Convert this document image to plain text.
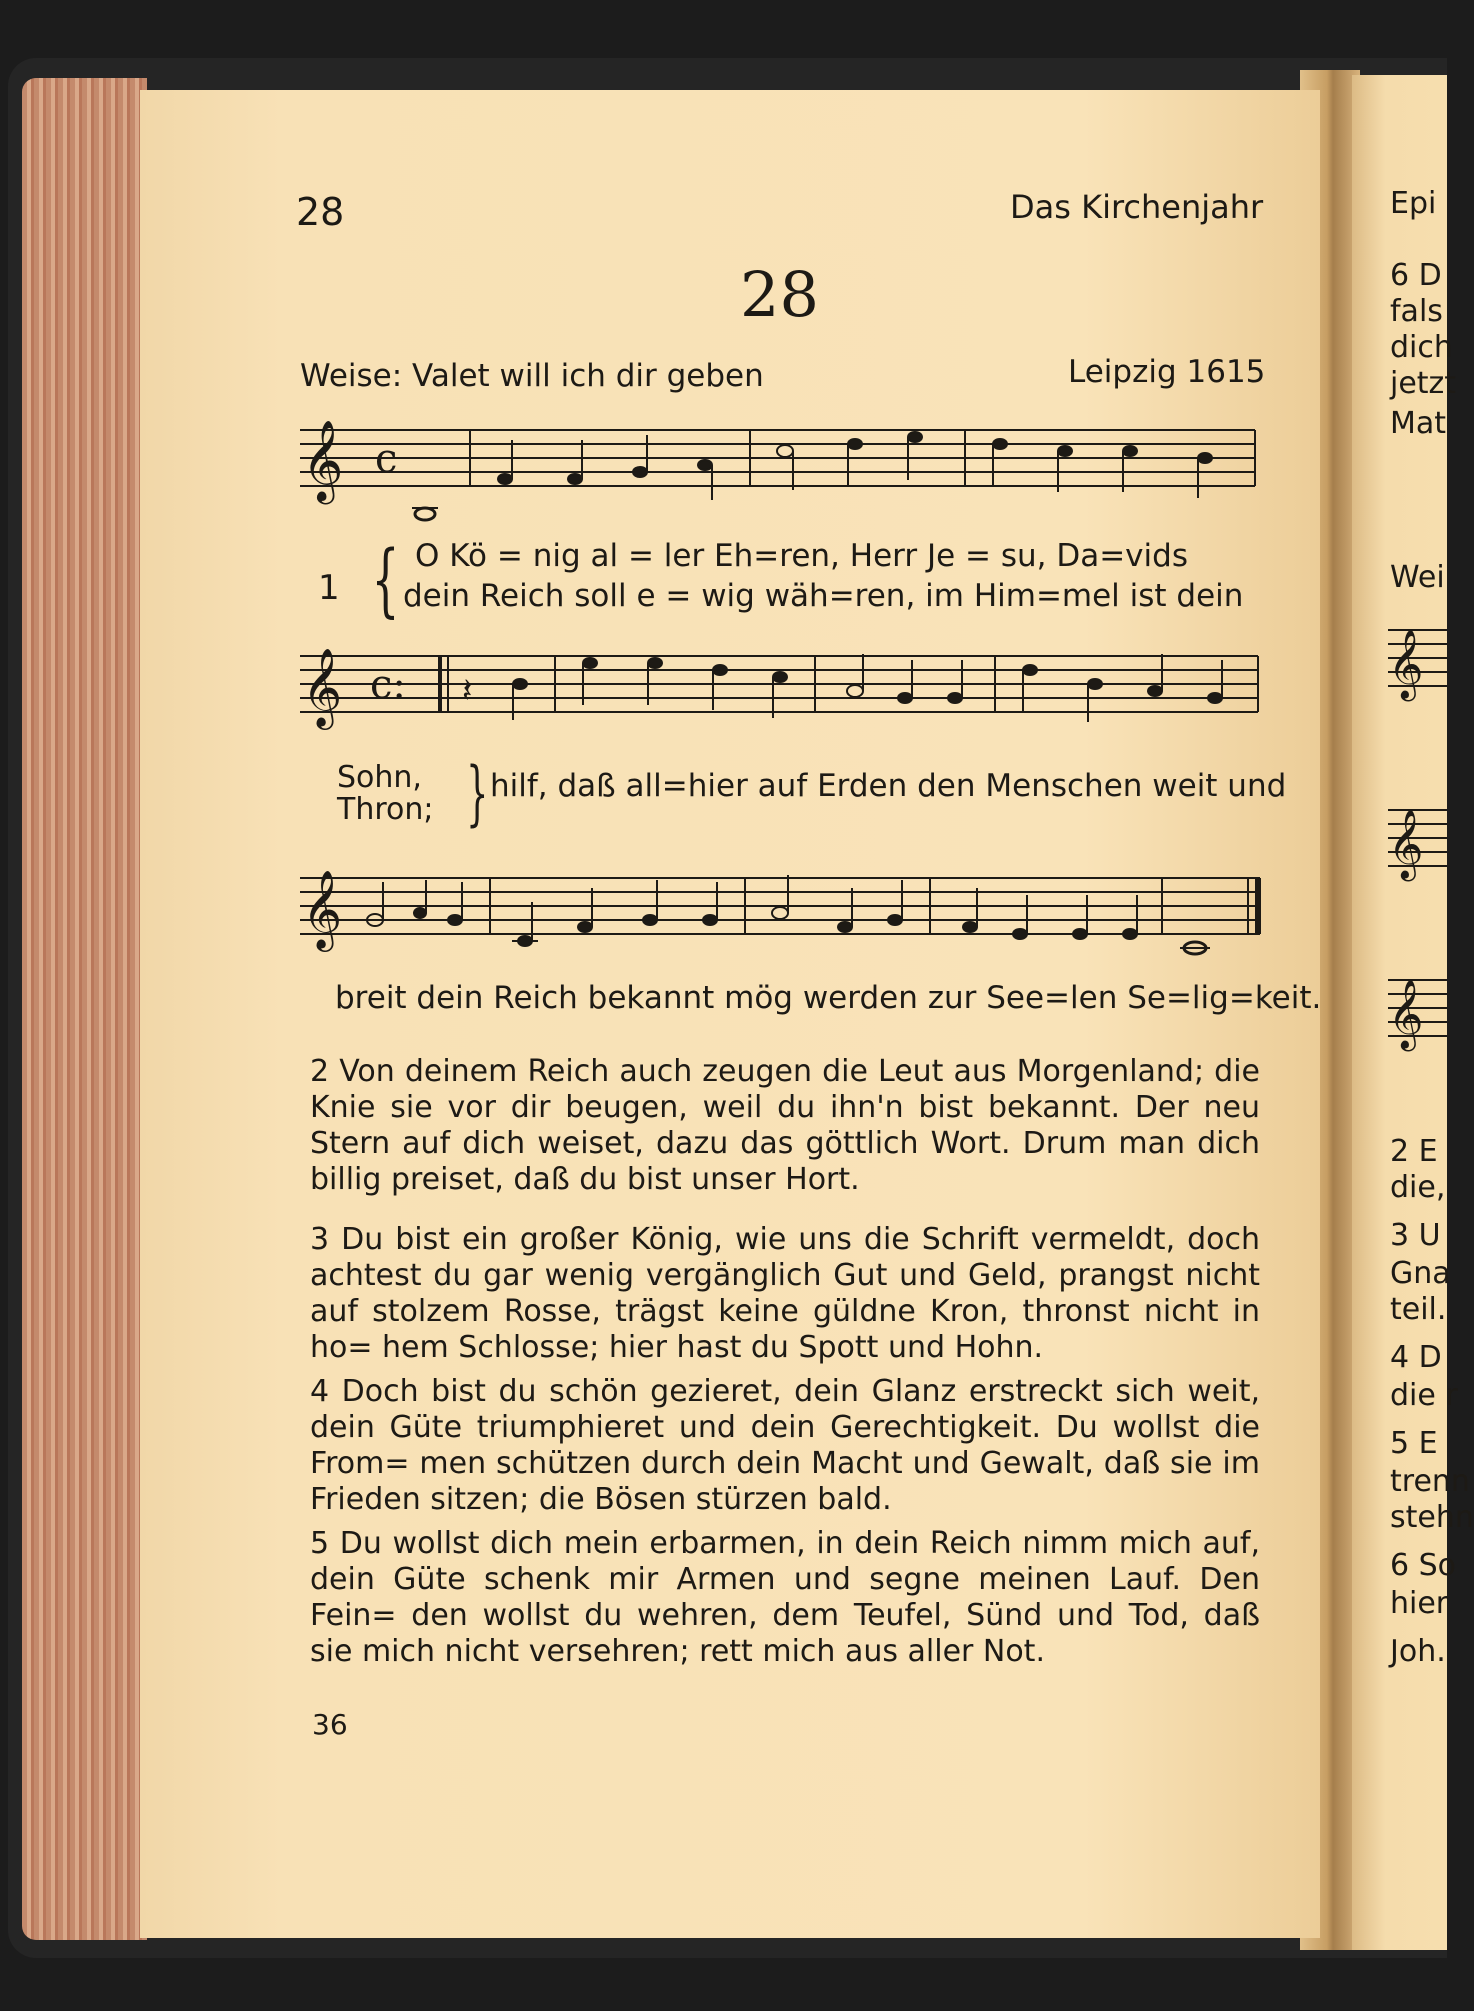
28	Das Kirchenjahr
28
Weise: Valet will ich dir geben	Leipzig 1615
𝄞 c
1 { O Kö = nig al = ler Eh=ren, Herr Je = su, Da=vids
dein Reich soll e = wig wäh=ren, im Him=mel ist dein
𝄞 c: 𝄽
Sohn,
Thron; } hilf, daß all=hier auf Erden den Menschen weit und
𝄞
breit dein Reich bekannt mög werden zur See=len Se=lig=keit.
2 Von deinem Reich auch zeugen die Leut aus Morgenland; die Knie sie vor dir beugen, weil du ihn'n bist bekannt. Der neu Stern auf dich weiset, dazu das göttlich Wort. Drum man dich billig preiset, daß du bist unser Hort.
3 Du bist ein großer König, wie uns die Schrift vermeldt, doch achtest du gar wenig vergänglich Gut und Geld, prangst nicht auf stolzem Rosse, trägst keine güldne Kron, thronst nicht in ho= hem Schlosse; hier hast du Spott und Hohn.
4 Doch bist du schön gezieret, dein Glanz erstreckt sich weit, dein Güte triumphieret und dein Gerechtigkeit. Du wollst die From= men schützen durch dein Macht und Gewalt, daß sie im Frieden sitzen; die Bösen stürzen bald.
5 Du wollst dich mein erbarmen, in dein Reich nimm mich auf, dein Güte schenk mir Armen und segne meinen Lauf. Den Fein= den wollst du wehren, dem Teufel, Sünd und Tod, daß sie mich nicht versehren; rett mich aus aller Not.
36
Epi
6 D
fals
dich
jetzt
Mat
Wei
𝄞
𝄞
𝄞
2 E
die,
3 U
Gna
teil.
4 D
die r
5 E
trenn
stehn
6 So
hier
Joh.
